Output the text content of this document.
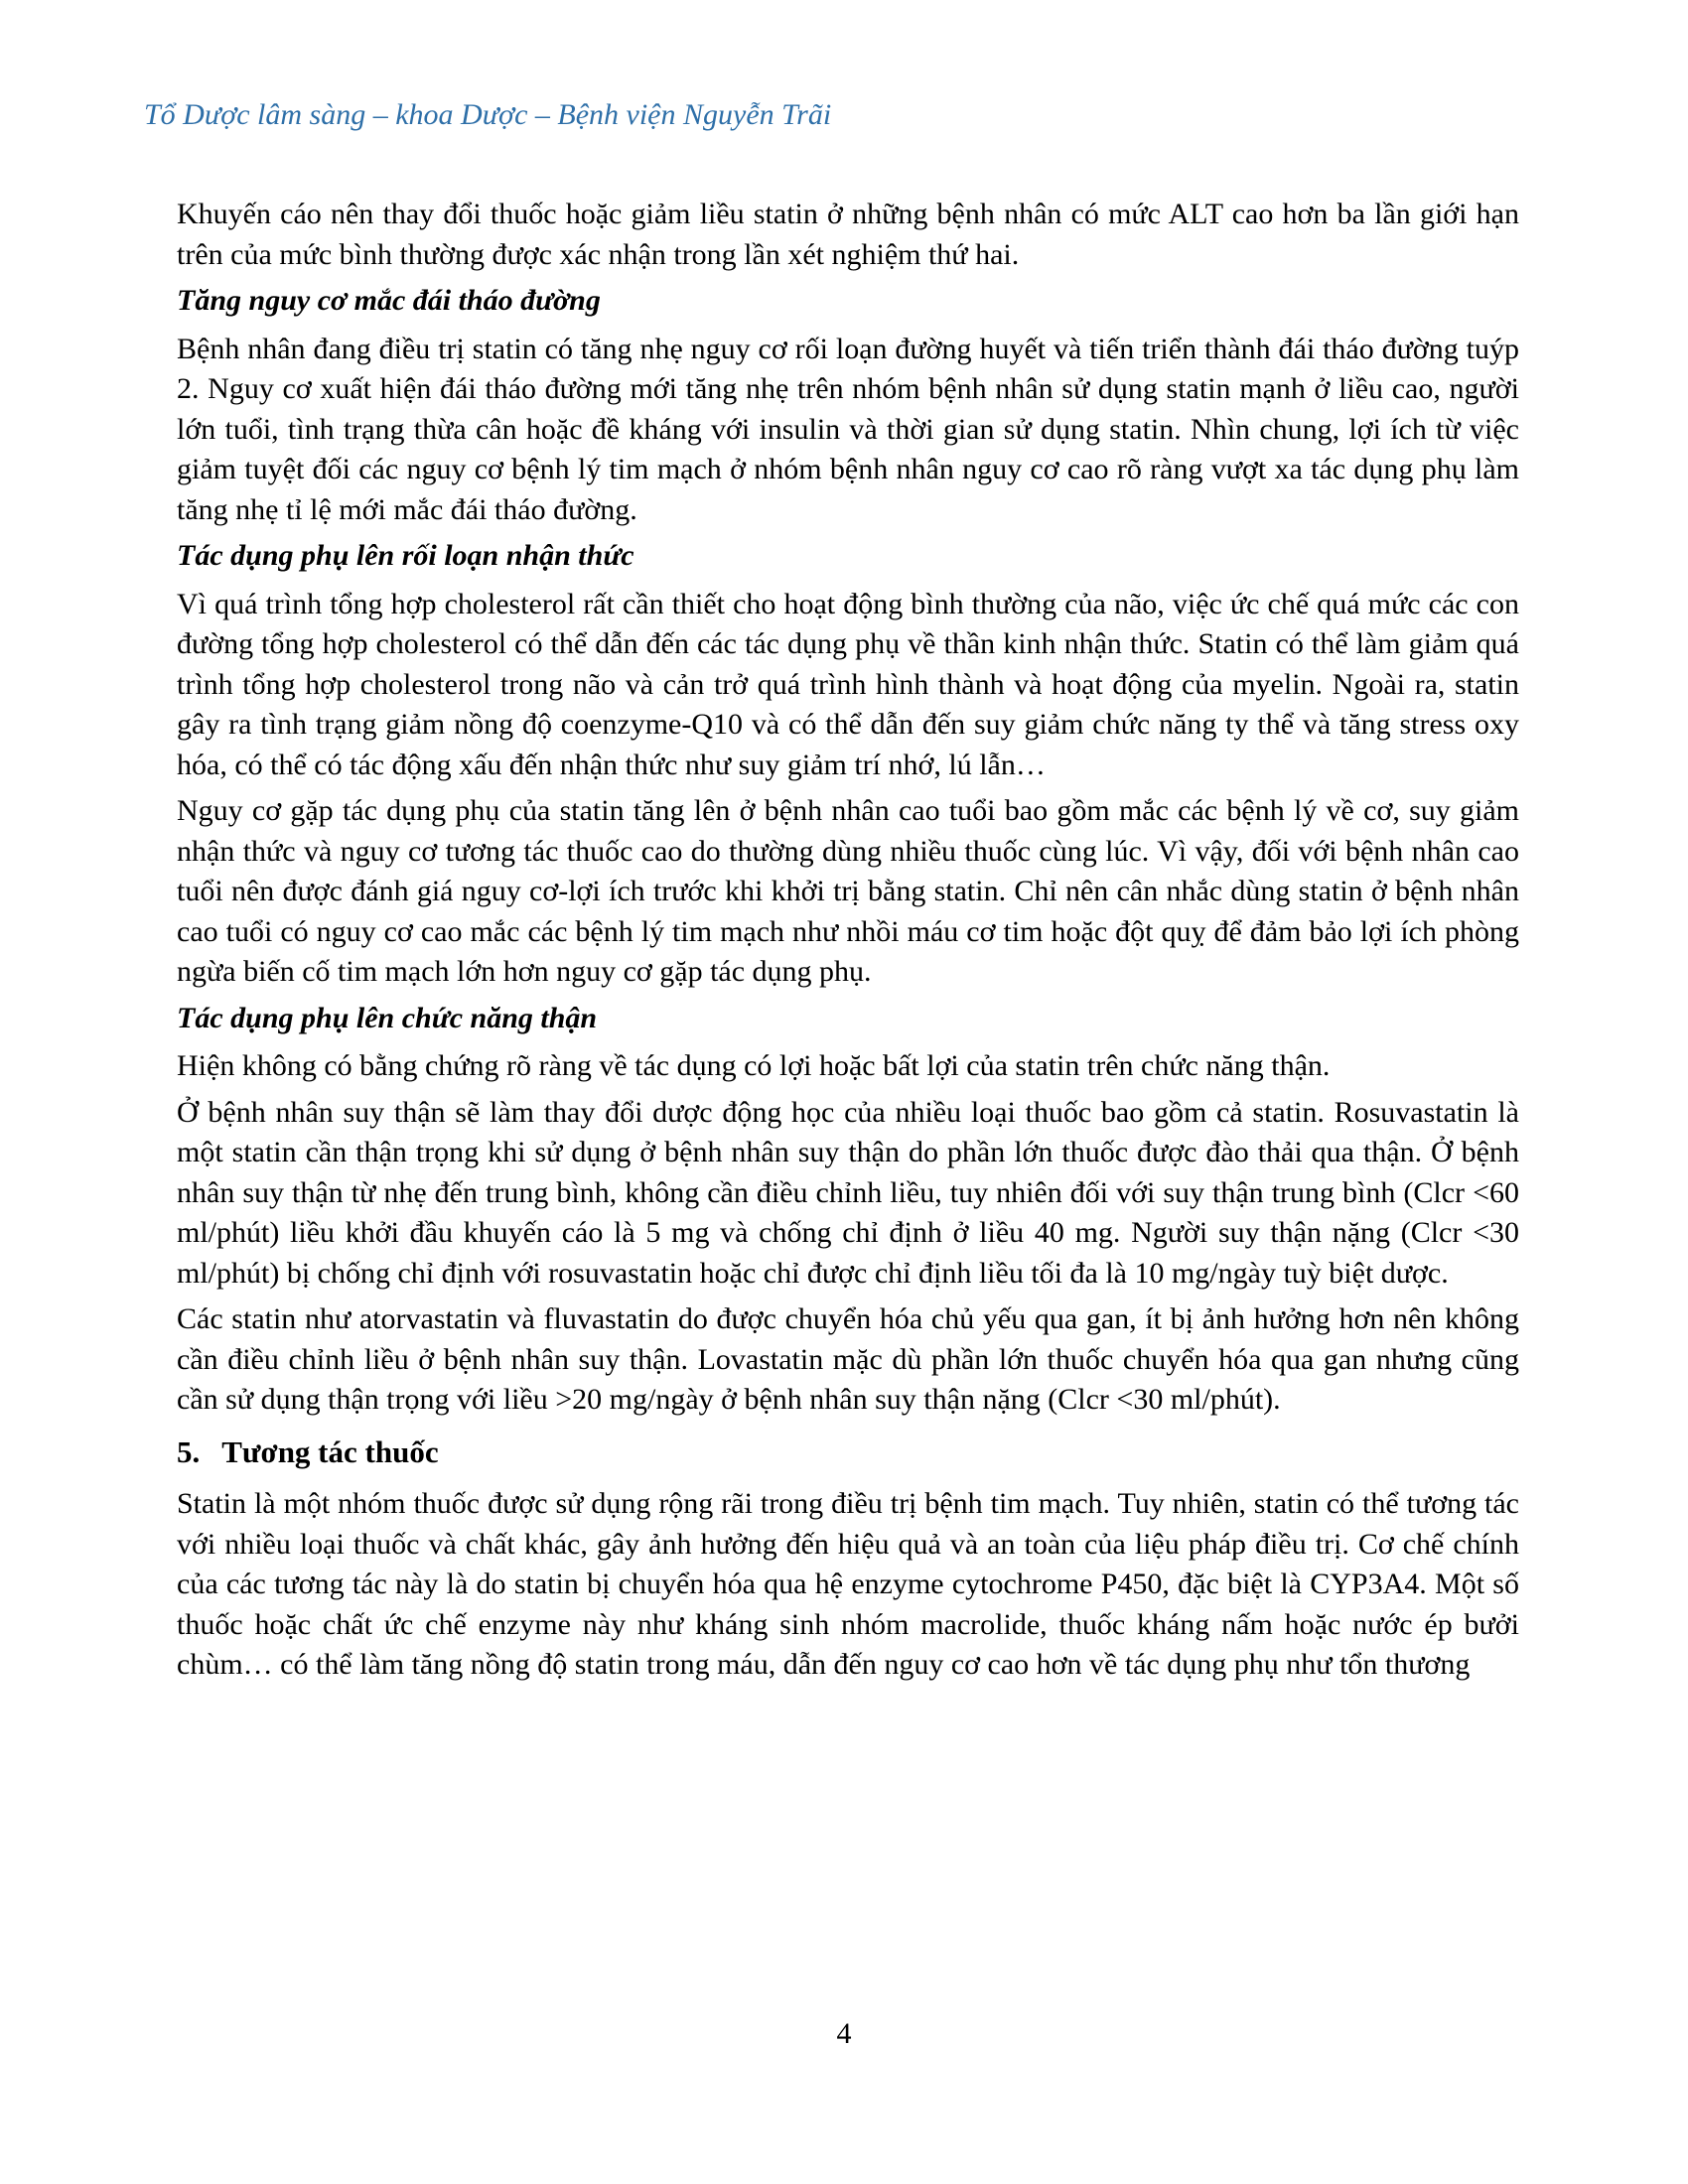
Tổ Dược lâm sàng – khoa Dược – Bệnh viện Nguyễn Trãi

Khuyến cáo nên thay đổi thuốc hoặc giảm liều statin ở những bệnh nhân có mức ALT cao hơn ba lần giới hạn trên của mức bình thường được xác nhận trong lần xét nghiệm thứ hai.

Tăng nguy cơ mắc đái tháo đường

Bệnh nhân đang điều trị statin có tăng nhẹ nguy cơ rối loạn đường huyết và tiến triển thành đái tháo đường tuýp 2. Nguy cơ xuất hiện đái tháo đường mới tăng nhẹ trên nhóm bệnh nhân sử dụng statin mạnh ở liều cao, người lớn tuổi, tình trạng thừa cân hoặc đề kháng với insulin và thời gian sử dụng statin. Nhìn chung, lợi ích từ việc giảm tuyệt đối các nguy cơ bệnh lý tim mạch ở nhóm bệnh nhân nguy cơ cao rõ ràng vượt xa tác dụng phụ làm tăng nhẹ tỉ lệ mới mắc đái tháo đường.

Tác dụng phụ lên rối loạn nhận thức

Vì quá trình tổng hợp cholesterol rất cần thiết cho hoạt động bình thường của não, việc ức chế quá mức các con đường tổng hợp cholesterol có thể dẫn đến các tác dụng phụ về thần kinh nhận thức. Statin có thể làm giảm quá trình tổng hợp cholesterol trong não và cản trở quá trình hình thành và hoạt động của myelin. Ngoài ra, statin gây ra tình trạng giảm nồng độ coenzyme-Q10 và có thể dẫn đến suy giảm chức năng ty thể và tăng stress oxy hóa, có thể có tác động xấu đến nhận thức như suy giảm trí nhớ, lú lẫn…

Nguy cơ gặp tác dụng phụ của statin tăng lên ở bệnh nhân cao tuổi bao gồm mắc các bệnh lý về cơ, suy giảm nhận thức và nguy cơ tương tác thuốc cao do thường dùng nhiều thuốc cùng lúc. Vì vậy, đối với bệnh nhân cao tuổi nên được đánh giá nguy cơ-lợi ích trước khi khởi trị bằng statin. Chỉ nên cân nhắc dùng statin ở bệnh nhân cao tuổi có nguy cơ cao mắc các bệnh lý tim mạch như nhồi máu cơ tim hoặc đột quỵ để đảm bảo lợi ích phòng ngừa biến cố tim mạch lớn hơn nguy cơ gặp tác dụng phụ.

Tác dụng phụ lên chức năng thận

Hiện không có bằng chứng rõ ràng về tác dụng có lợi hoặc bất lợi của statin trên chức năng thận.

Ở bệnh nhân suy thận sẽ làm thay đổi dược động học của nhiều loại thuốc bao gồm cả statin. Rosuvastatin là một statin cần thận trọng khi sử dụng ở bệnh nhân suy thận do phần lớn thuốc được đào thải qua thận. Ở bệnh nhân suy thận từ nhẹ đến trung bình, không cần điều chỉnh liều, tuy nhiên đối với suy thận trung bình (Clcr <60 ml/phút) liều khởi đầu khuyến cáo là 5 mg và chống chỉ định ở liều 40 mg. Người suy thận nặng (Clcr <30 ml/phút) bị chống chỉ định với rosuvastatin hoặc chỉ được chỉ định liều tối đa là 10 mg/ngày tuỳ biệt dược.

Các statin như atorvastatin và fluvastatin do được chuyển hóa chủ yếu qua gan, ít bị ảnh hưởng hơn nên không cần điều chỉnh liều ở bệnh nhân suy thận. Lovastatin mặc dù phần lớn thuốc chuyển hóa qua gan nhưng cũng cần sử dụng thận trọng với liều >20 mg/ngày ở bệnh nhân suy thận nặng (Clcr <30 ml/phút).

5. Tương tác thuốc

Statin là một nhóm thuốc được sử dụng rộng rãi trong điều trị bệnh tim mạch. Tuy nhiên, statin có thể tương tác với nhiều loại thuốc và chất khác, gây ảnh hưởng đến hiệu quả và an toàn của liệu pháp điều trị. Cơ chế chính của các tương tác này là do statin bị chuyển hóa qua hệ enzyme cytochrome P450, đặc biệt là CYP3A4. Một số thuốc hoặc chất ức chế enzyme này như kháng sinh nhóm macrolide, thuốc kháng nấm hoặc nước ép bưởi chùm… có thể làm tăng nồng độ statin trong máu, dẫn đến nguy cơ cao hơn về tác dụng phụ như tổn thương

4
